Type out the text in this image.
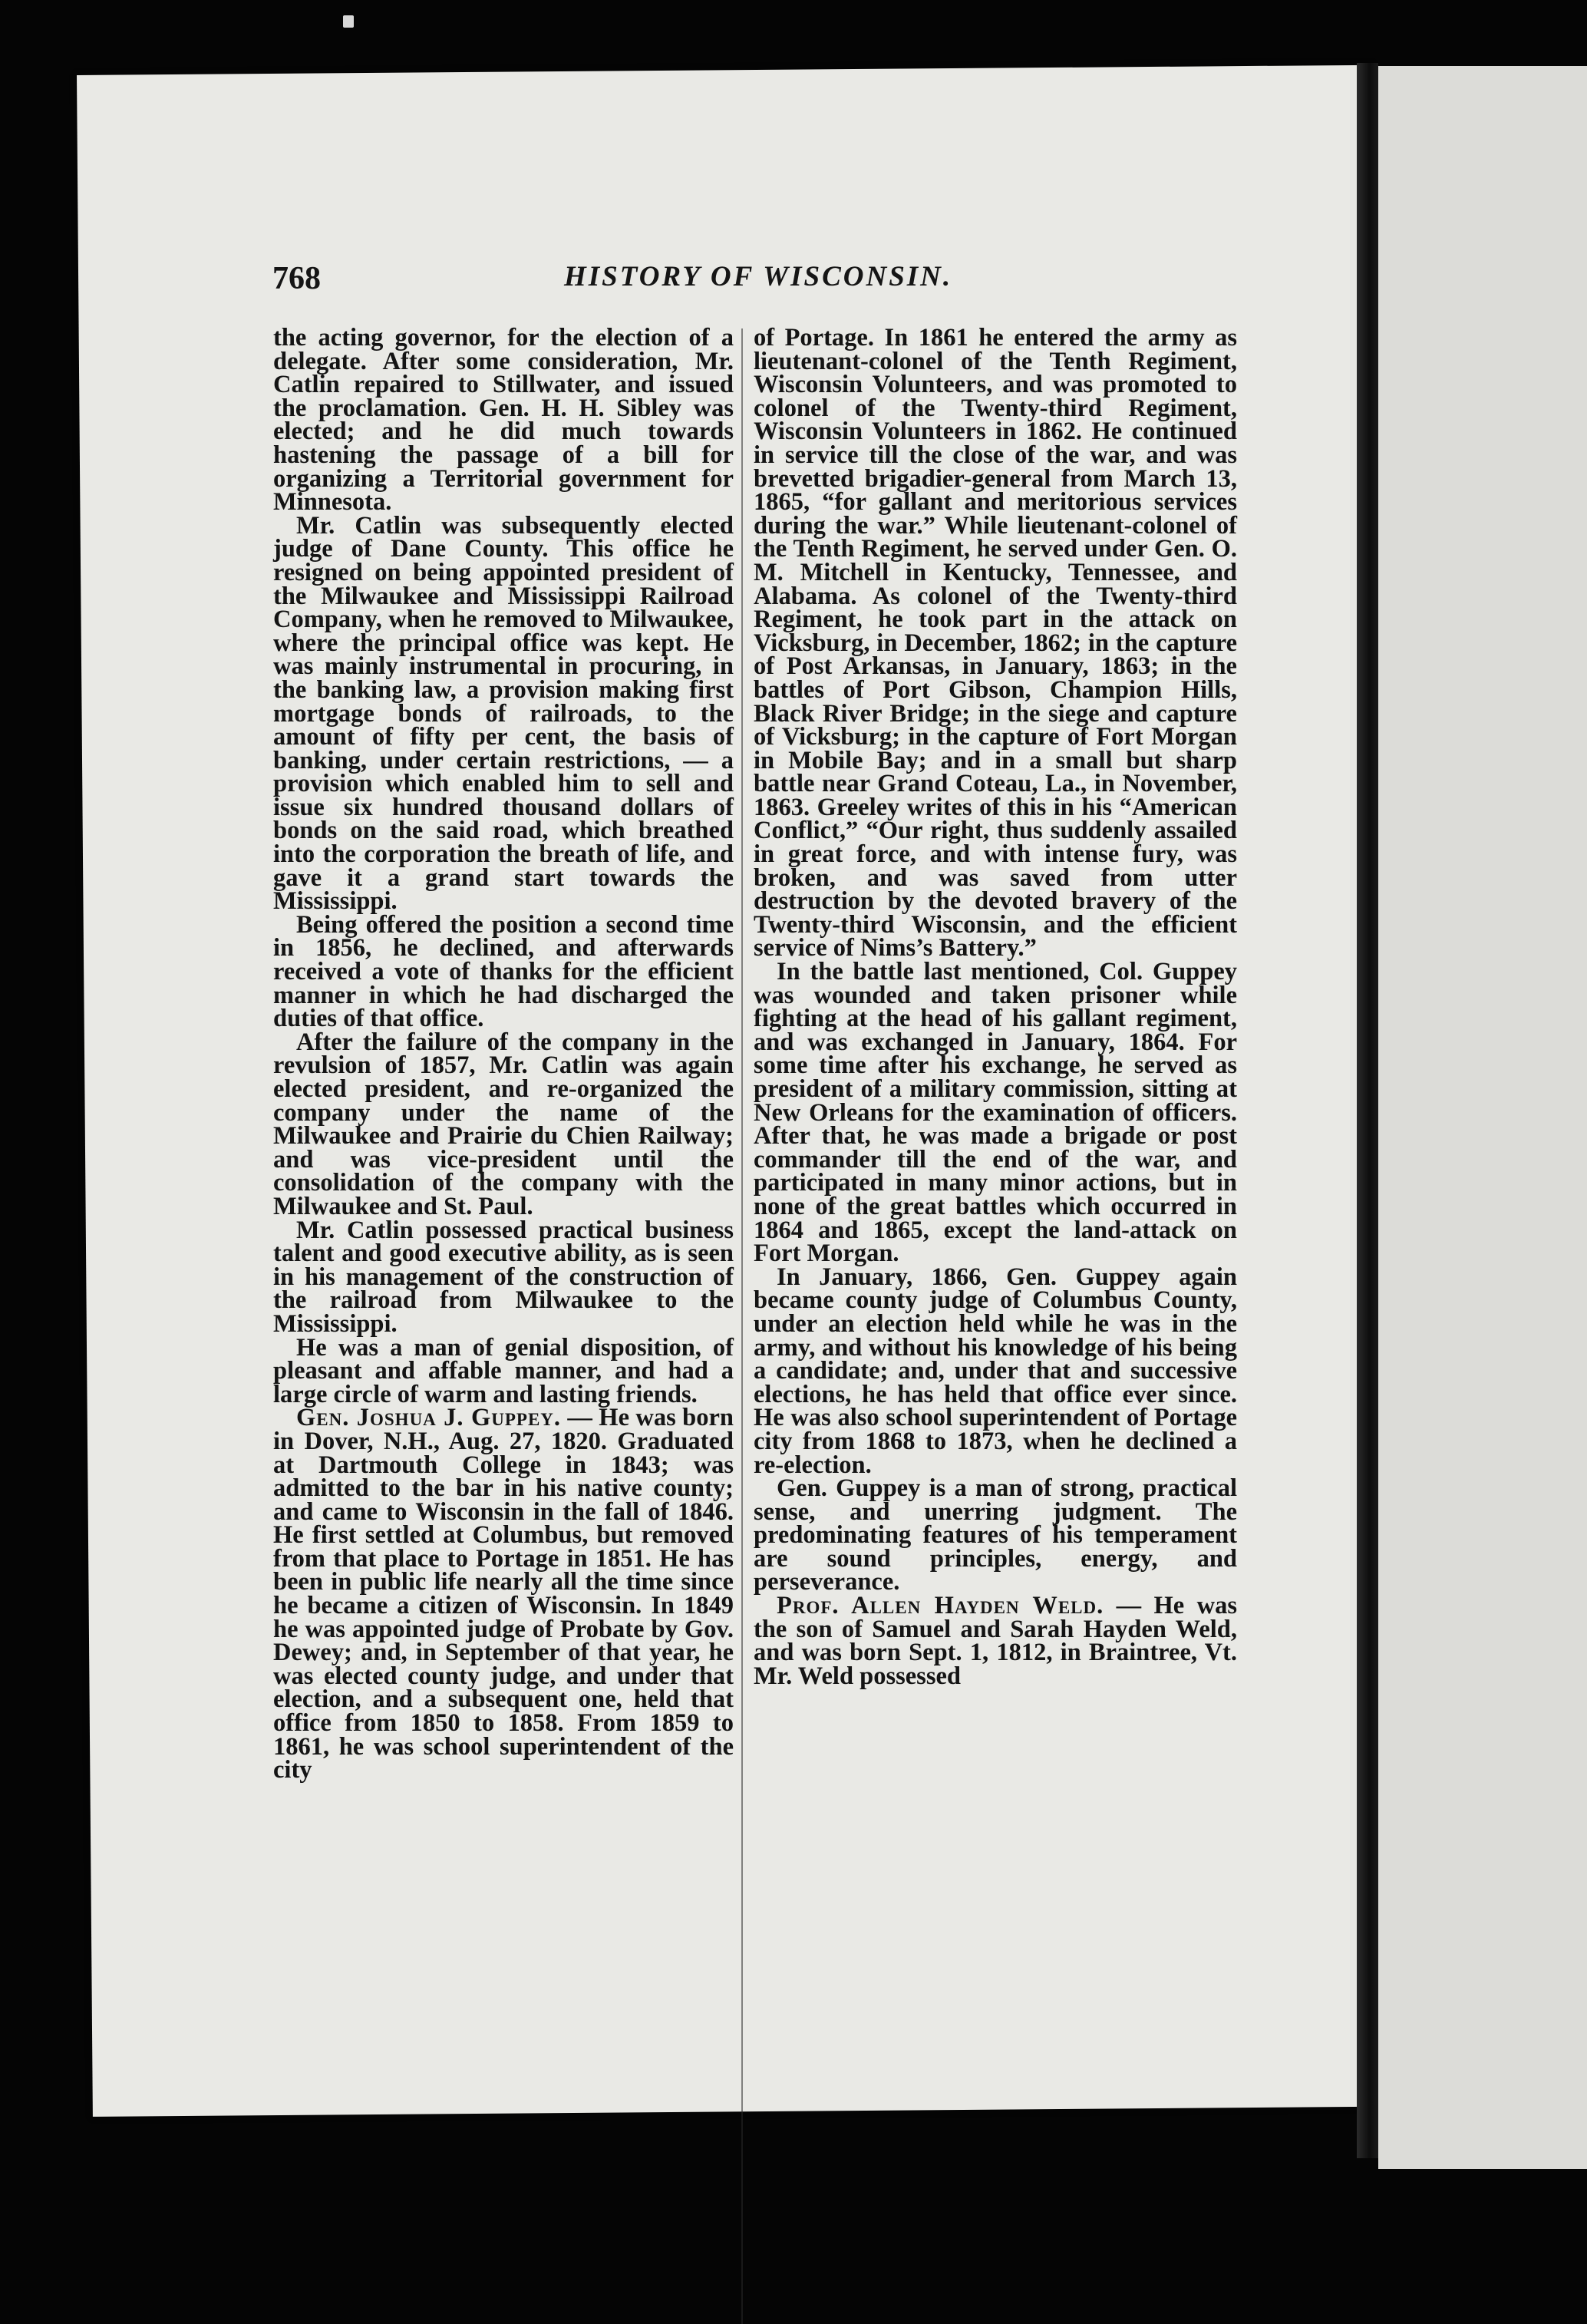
768	HISTORY OF WISCONSIN.

the acting governor, for the election of a delegate. After some consideration, Mr. Catlin repaired to Stillwater, and issued the proclamation. Gen. H. H. Sibley was elected; and he did much towards hastening the passage of a bill for organizing a Territorial government for Minnesota.

Mr. Catlin was subsequently elected judge of Dane County. This office he resigned on being appointed president of the Milwaukee and Mississippi Railroad Company, when he removed to Milwaukee, where the principal office was kept. He was mainly instrumental in procuring, in the banking law, a provision making first mortgage bonds of railroads, to the amount of fifty per cent, the basis of banking, under certain restrictions, — a provision which enabled him to sell and issue six hundred thousand dollars of bonds on the said road, which breathed into the corporation the breath of life, and gave it a grand start towards the Mississippi.

Being offered the position a second time in 1856, he declined, and afterwards received a vote of thanks for the efficient manner in which he had discharged the duties of that office.

After the failure of the company in the revulsion of 1857, Mr. Catlin was again elected president, and re-organized the company under the name of the Milwaukee and Prairie du Chien Railway; and was vice-president until the consolidation of the company with the Milwaukee and St. Paul.

Mr. Catlin possessed practical business talent and good executive ability, as is seen in his management of the construction of the railroad from Milwaukee to the Mississippi.

He was a man of genial disposition, of pleasant and affable manner, and had a large circle of warm and lasting friends.

Gen. Joshua J. Guppey. — He was born in Dover, N.H., Aug. 27, 1820. Graduated at Dartmouth College in 1843; was admitted to the bar in his native county; and came to Wisconsin in the fall of 1846. He first settled at Columbus, but removed from that place to Portage in 1851. He has been in public life nearly all the time since he became a citizen of Wisconsin. In 1849 he was appointed judge of Probate by Gov. Dewey; and, in September of that year, he was elected county judge, and under that election, and a subsequent one, held that office from 1850 to 1858. From 1859 to 1861, he was school superintendent of the city

of Portage. In 1861 he entered the army as lieutenant-colonel of the Tenth Regiment, Wisconsin Volunteers, and was promoted to colonel of the Twenty-third Regiment, Wisconsin Volunteers in 1862. He continued in service till the close of the war, and was brevetted brigadier-general from March 13, 1865, “for gallant and meritorious services during the war.” While lieutenant-colonel of the Tenth Regiment, he served under Gen. O. M. Mitchell in Kentucky, Tennessee, and Alabama. As colonel of the Twenty-third Regiment, he took part in the attack on Vicksburg, in December, 1862; in the capture of Post Arkansas, in January, 1863; in the battles of Port Gibson, Champion Hills, Black River Bridge; in the siege and capture of Vicksburg; in the capture of Fort Morgan in Mobile Bay; and in a small but sharp battle near Grand Coteau, La., in November, 1863. Greeley writes of this in his “American Conflict,” “Our right, thus suddenly assailed in great force, and with intense fury, was broken, and was saved from utter destruction by the devoted bravery of the Twenty-third Wisconsin, and the efficient service of Nims’s Battery.”

In the battle last mentioned, Col. Guppey was wounded and taken prisoner while fighting at the head of his gallant regiment, and was exchanged in January, 1864. For some time after his exchange, he served as president of a military commission, sitting at New Orleans for the examination of officers. After that, he was made a brigade or post commander till the end of the war, and participated in many minor actions, but in none of the great battles which occurred in 1864 and 1865, except the land-attack on Fort Morgan.

In January, 1866, Gen. Guppey again became county judge of Columbus County, under an election held while he was in the army, and without his knowledge of his being a candidate; and, under that and successive elections, he has held that office ever since. He was also school superintendent of Portage city from 1868 to 1873, when he declined a re-election.

Gen. Guppey is a man of strong, practical sense, and unerring judgment. The predominating features of his temperament are sound principles, energy, and perseverance.

Prof. Allen Hayden Weld. — He was the son of Samuel and Sarah Hayden Weld, and was born Sept. 1, 1812, in Braintree, Vt. Mr. Weld possessed
